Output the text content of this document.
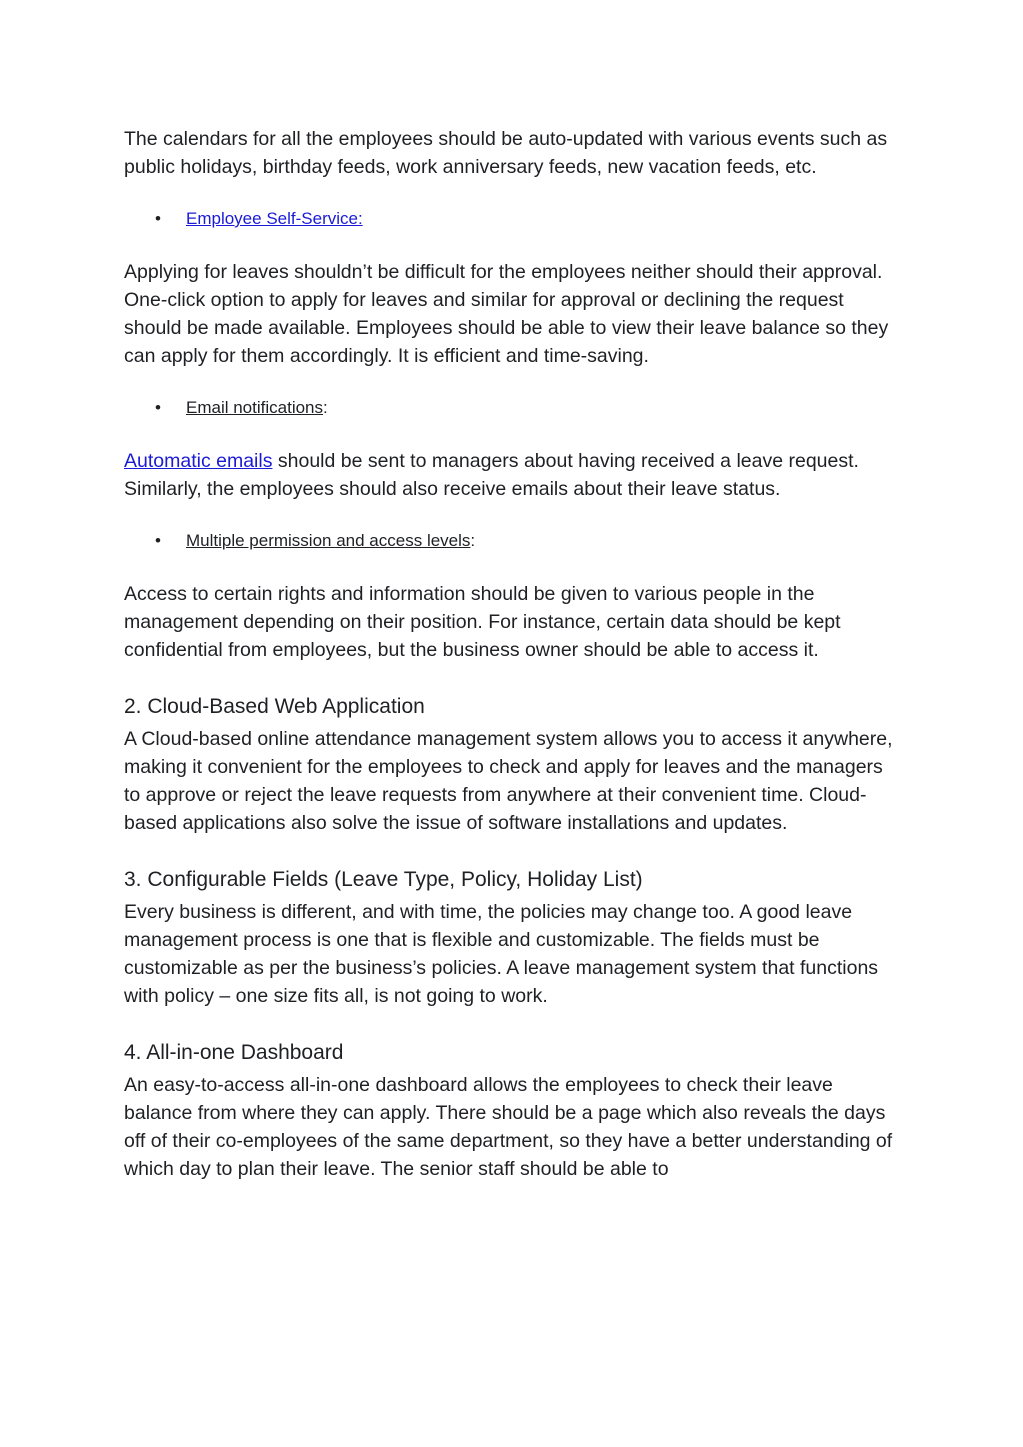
The calendars for all the employees should be auto-updated with various events such as public holidays, birthday feeds, work anniversary feeds, new vacation feeds, etc.

• Employee Self-Service:

Applying for leaves shouldn’t be difficult for the employees neither should their approval. One-click option to apply for leaves and similar for approval or declining the request should be made available. Employees should be able to view their leave balance so they can apply for them accordingly. It is efficient and time-saving.

• Email notifications:

Automatic emails should be sent to managers about having received a leave request. Similarly, the employees should also receive emails about their leave status.

• Multiple permission and access levels:

Access to certain rights and information should be given to various people in the management depending on their position. For instance, certain data should be kept confidential from employees, but the business owner should be able to access it.

2. Cloud-Based Web Application

A Cloud-based online attendance management system allows you to access it anywhere, making it convenient for the employees to check and apply for leaves and the managers to approve or reject the leave requests from anywhere at their convenient time. Cloud-based applications also solve the issue of software installations and updates.

3. Configurable Fields (Leave Type, Policy, Holiday List)

Every business is different, and with time, the policies may change too. A good leave management process is one that is flexible and customizable. The fields must be customizable as per the business’s policies. A leave management system that functions with policy – one size fits all, is not going to work.

4. All-in-one Dashboard

An easy-to-access all-in-one dashboard allows the employees to check their leave balance from where they can apply. There should be a page which also reveals the days off of their co-employees of the same department, so they have a better understanding of which day to plan their leave. The senior staff should be able to
